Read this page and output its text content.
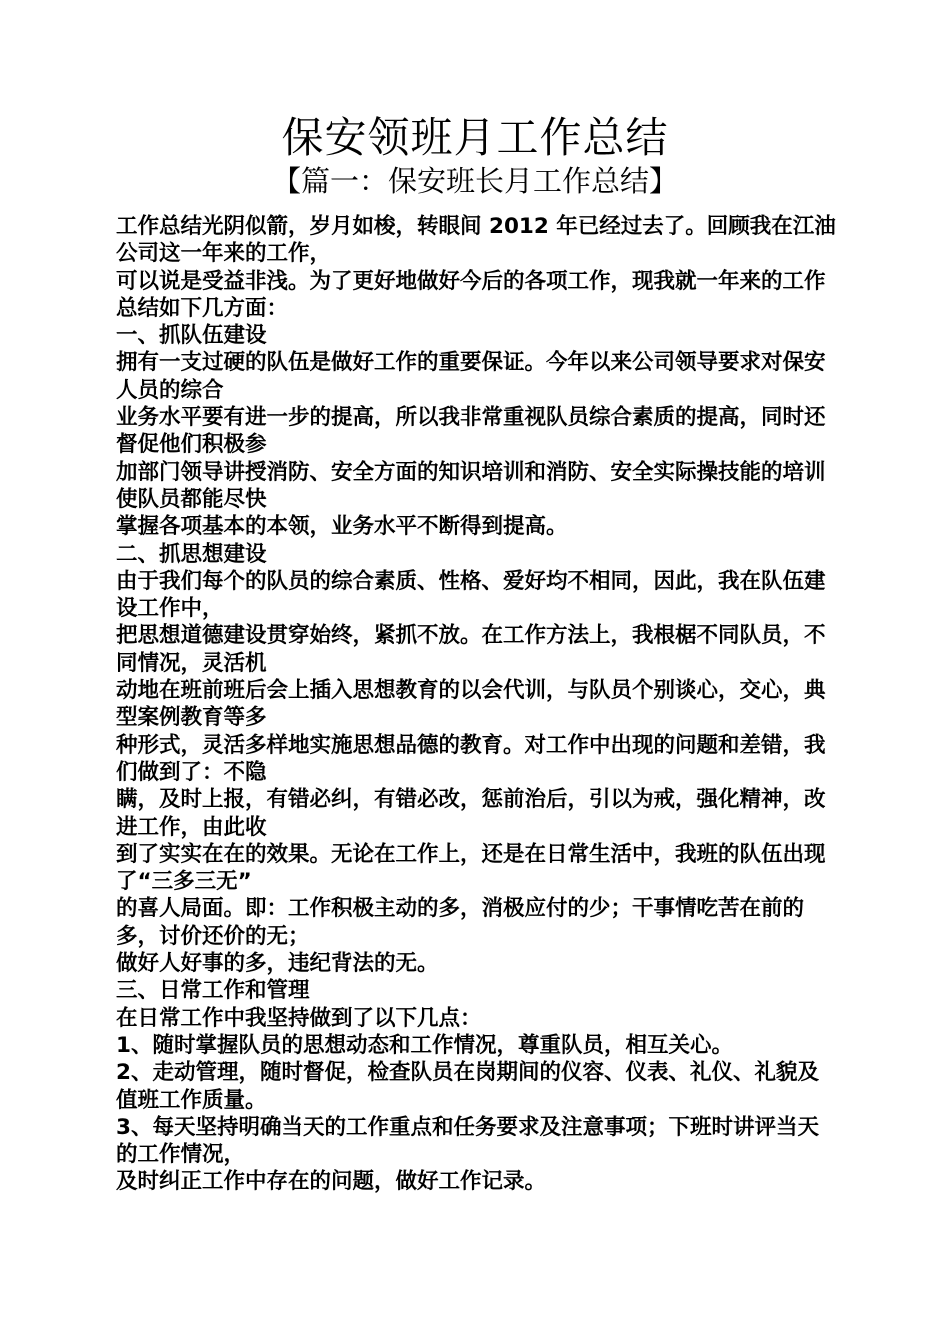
保安领班月工作总结
【篇一：保安班长月工作总结】

工作总结光阴似箭，岁月如梭，转眼间 2012 年已经过去了。回顾我在江油公司这一年来的工作，

可以说是受益非浅。为了更好地做好今后的各项工作，现我就一年来的工作总结如下几方面：

一、抓队伍建设

拥有一支过硬的队伍是做好工作的重要保证。今年以来公司领导要求对保安人员的综合

业务水平要有进一步的提高，所以我非常重视队员综合素质的提高，同时还督促他们积极参

加部门领导讲授消防、安全方面的知识培训和消防、安全实际操技能的培训使队员都能尽快

掌握各项基本的本领，业务水平不断得到提高。

二、抓思想建设

由于我们每个的队员的综合素质、性格、爱好均不相同，因此，我在队伍建设工作中，

把思想道德建设贯穿始终，紧抓不放。在工作方法上，我根椐不同队员，不同情况，灵活机

动地在班前班后会上插入思想教育的以会代训，与队员个别谈心，交心，典型案例教育等多

种形式，灵活多样地实施思想品德的教育。对工作中出现的问题和差错，我们做到了：不隐

瞒，及时上报，有错必纠，有错必改，惩前治后，引以为戒，强化精神，改进工作，由此收

到了实实在在的效果。无论在工作上，还是在日常生活中，我班的队伍出现了“三多三无”

的喜人局面。即：工作积极主动的多，消极应付的少；干事情吃苦在前的多，讨价还价的无；

做好人好事的多，违纪背法的无。

三、日常工作和管理

在日常工作中我坚持做到了以下几点：

1、随时掌握队员的思想动态和工作情况，尊重队员，相互关心。

2、走动管理，随时督促，检查队员在岗期间的仪容、仪表、礼仪、礼貌及值班工作质量。

3、每天坚持明确当天的工作重点和任务要求及注意事项；下班时讲评当天的工作情况，

及时纠正工作中存在的问题，做好工作记录。
